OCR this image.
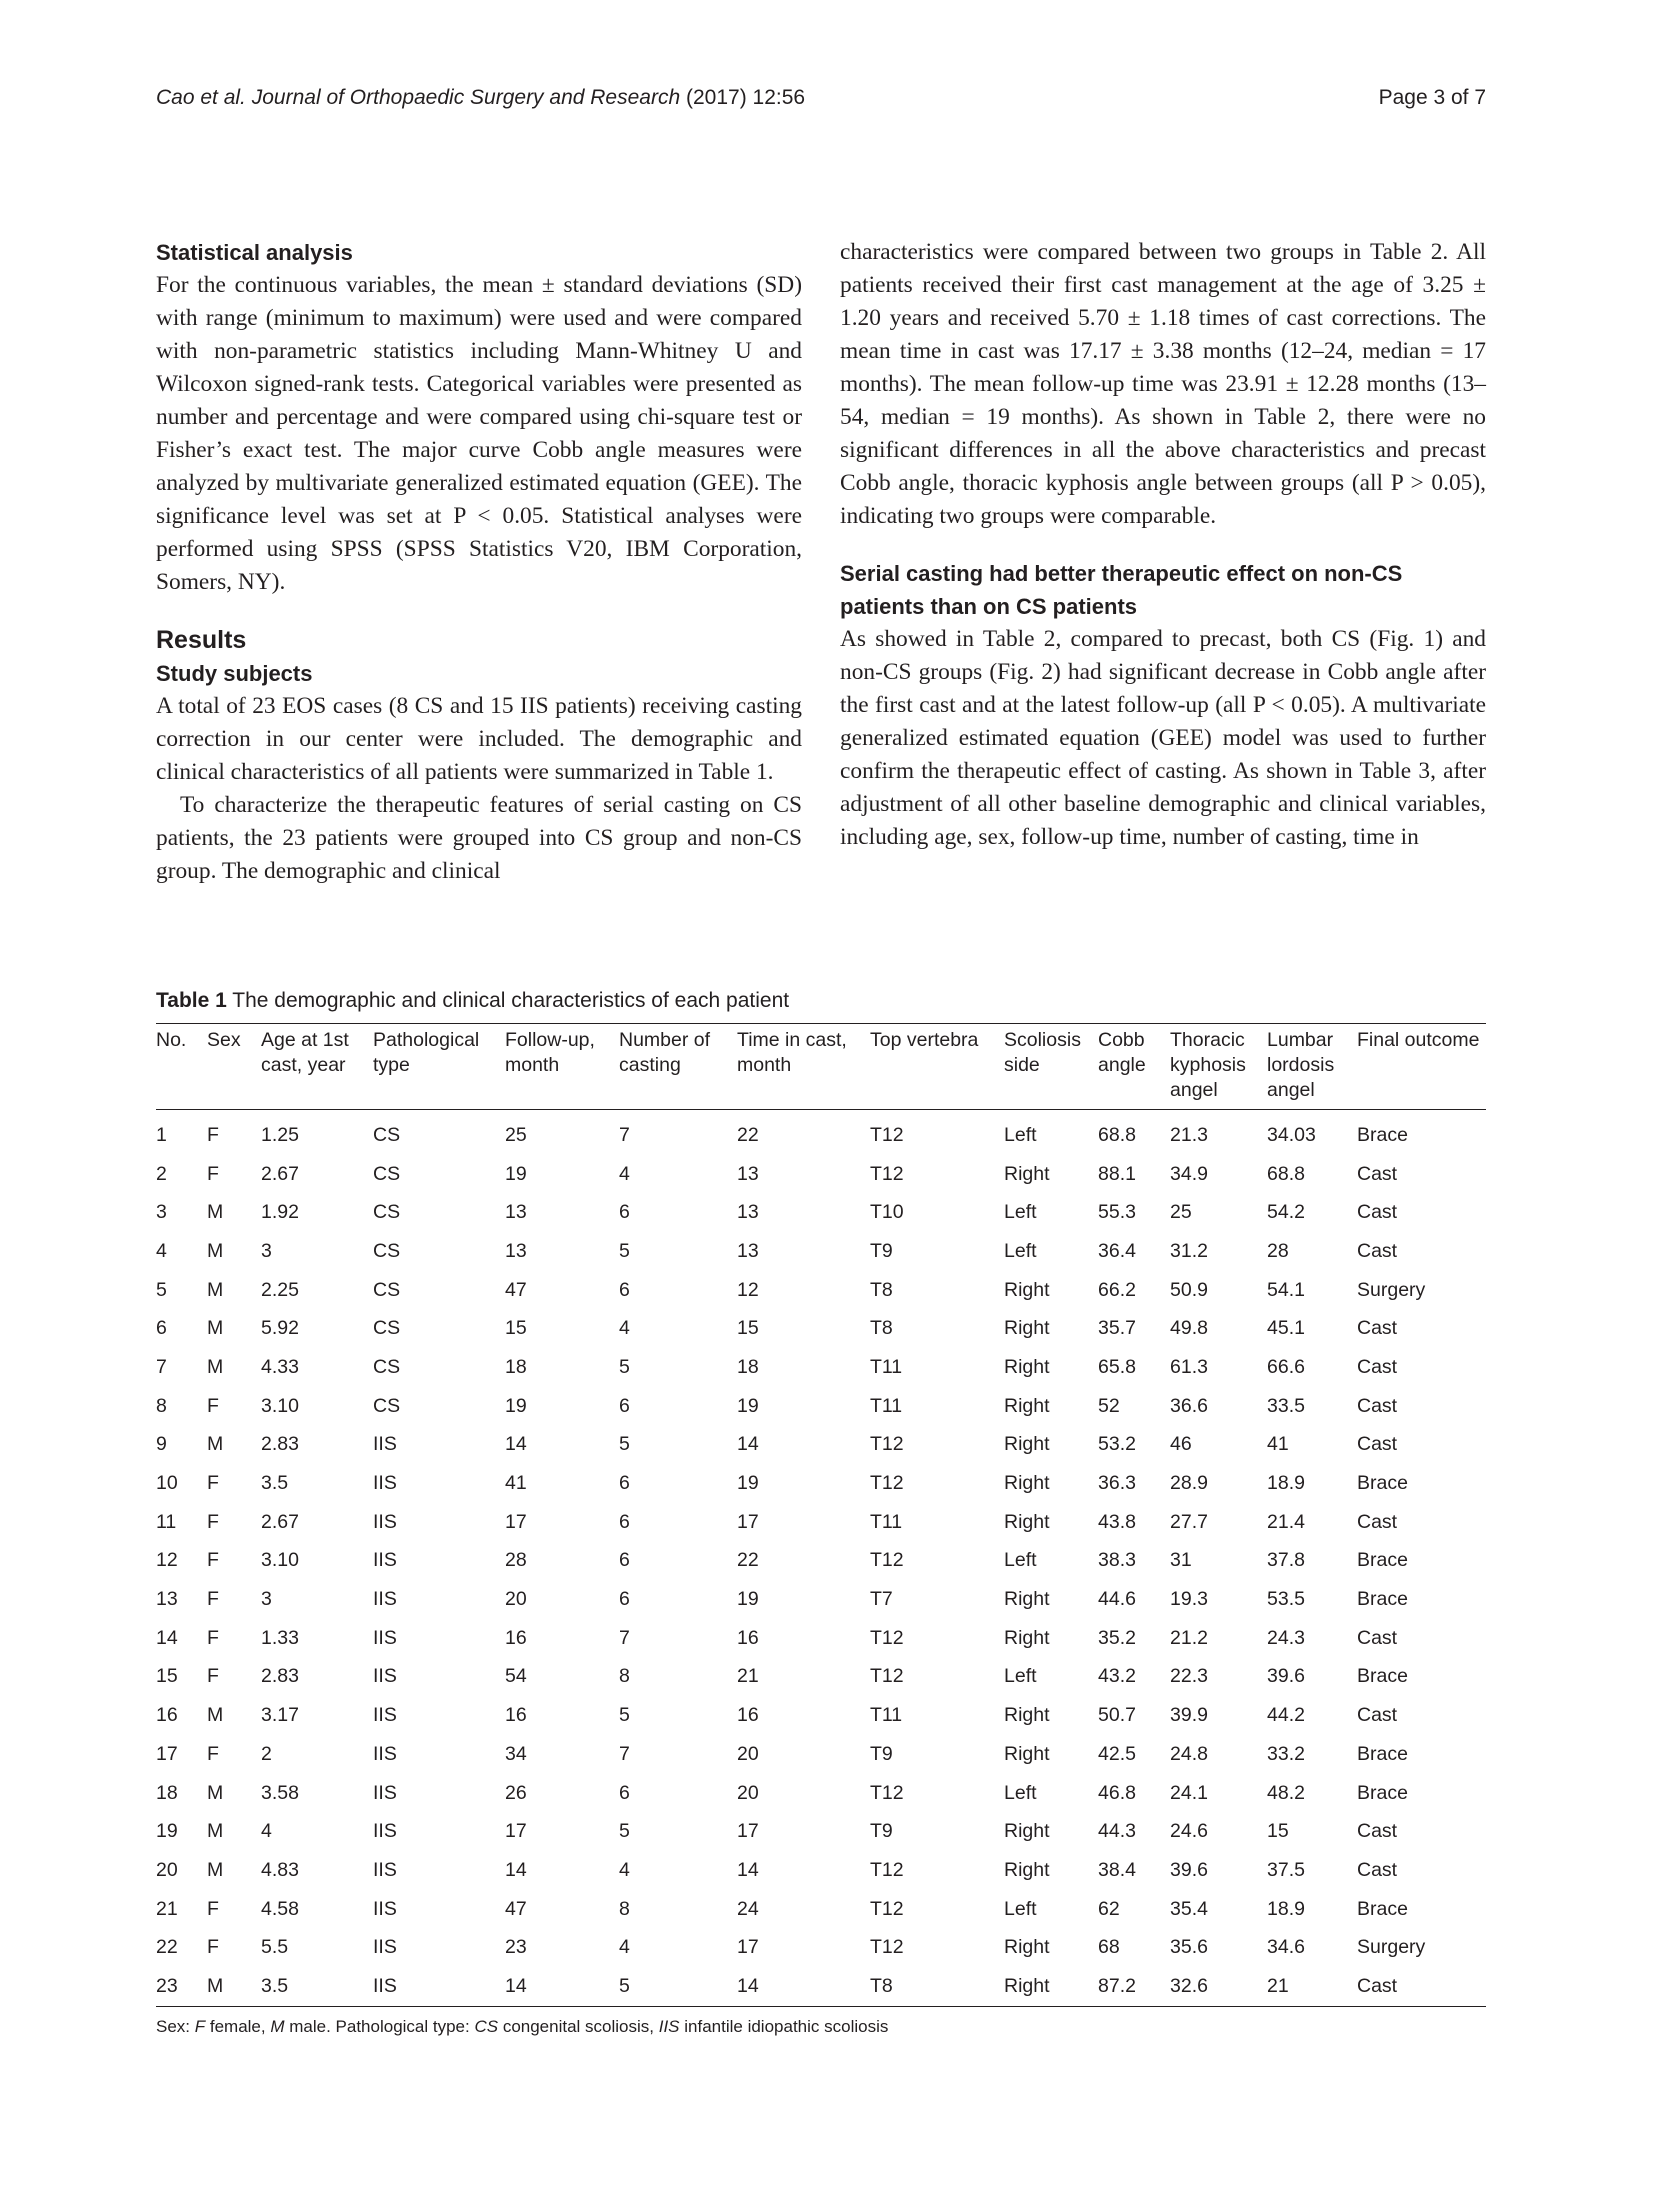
Cao et al. Journal of Orthopaedic Surgery and Research (2017) 12:56	Page 3 of 7
Statistical analysis

For the continuous variables, the mean ± standard deviations (SD) with range (minimum to maximum) were used and were compared with non-parametric statistics including Mann-Whitney U and Wilcoxon signed-rank tests. Categorical variables were presented as number and percentage and were compared using chi-square test or Fisher’s exact test. The major curve Cobb angle measures were analyzed by multivariate generalized estimated equation (GEE). The significance level was set at P < 0.05. Statistical analyses were performed using SPSS (SPSS Statistics V20, IBM Corporation, Somers, NY).

Results
Study subjects

A total of 23 EOS cases (8 CS and 15 IIS patients) receiving casting correction in our center were included. The demographic and clinical characteristics of all patients were summarized in Table 1.

To characterize the therapeutic features of serial casting on CS patients, the 23 patients were grouped into CS group and non-CS group. The demographic and clinical

characteristics were compared between two groups in Table 2. All patients received their first cast management at the age of 3.25 ± 1.20 years and received 5.70 ± 1.18 times of cast corrections. The mean time in cast was 17.17 ± 3.38 months (12–24, median = 17 months). The mean follow-up time was 23.91 ± 12.28 months (13–54, median = 19 months). As shown in Table 2, there were no significant differences in all the above characteristics and precast Cobb angle, thoracic kyphosis angle between groups (all P > 0.05), indicating two groups were comparable.

Serial casting had better therapeutic effect on non-CS patients than on CS patients

As showed in Table 2, compared to precast, both CS (Fig. 1) and non-CS groups (Fig. 2) had significant decrease in Cobb angle after the first cast and at the latest follow-up (all P < 0.05). A multivariate generalized estimated equation (GEE) model was used to further confirm the therapeutic effect of casting. As shown in Table 3, after adjustment of all other baseline demographic and clinical variables, including age, sex, follow-up time, number of casting, time in

Table 1 The demographic and clinical characteristics of each patient

No.	Sex	Age at 1st cast, year	Pathological type	Follow-up, month	Number of casting	Time in cast, month	Top vertebra	Scoliosis side	Cobb angle	Thoracic kyphosis angel	Lumbar lordosis angel	Final outcome
1	F	1.25	CS	25	7	22	T12	Left	68.8	21.3	34.03	Brace
2	F	2.67	CS	19	4	13	T12	Right	88.1	34.9	68.8	Cast
3	M	1.92	CS	13	6	13	T10	Left	55.3	25	54.2	Cast
4	M	3	CS	13	5	13	T9	Left	36.4	31.2	28	Cast
5	M	2.25	CS	47	6	12	T8	Right	66.2	50.9	54.1	Surgery
6	M	5.92	CS	15	4	15	T8	Right	35.7	49.8	45.1	Cast
7	M	4.33	CS	18	5	18	T11	Right	65.8	61.3	66.6	Cast
8	F	3.10	CS	19	6	19	T11	Right	52	36.6	33.5	Cast
9	M	2.83	IIS	14	5	14	T12	Right	53.2	46	41	Cast
10	F	3.5	IIS	41	6	19	T12	Right	36.3	28.9	18.9	Brace
11	F	2.67	IIS	17	6	17	T11	Right	43.8	27.7	21.4	Cast
12	F	3.10	IIS	28	6	22	T12	Left	38.3	31	37.8	Brace
13	F	3	IIS	20	6	19	T7	Right	44.6	19.3	53.5	Brace
14	F	1.33	IIS	16	7	16	T12	Right	35.2	21.2	24.3	Cast
15	F	2.83	IIS	54	8	21	T12	Left	43.2	22.3	39.6	Brace
16	M	3.17	IIS	16	5	16	T11	Right	50.7	39.9	44.2	Cast
17	F	2	IIS	34	7	20	T9	Right	42.5	24.8	33.2	Brace
18	M	3.58	IIS	26	6	20	T12	Left	46.8	24.1	48.2	Brace
19	M	4	IIS	17	5	17	T9	Right	44.3	24.6	15	Cast
20	M	4.83	IIS	14	4	14	T12	Right	38.4	39.6	37.5	Cast
21	F	4.58	IIS	47	8	24	T12	Left	62	35.4	18.9	Brace
22	F	5.5	IIS	23	4	17	T12	Right	68	35.6	34.6	Surgery
23	M	3.5	IIS	14	5	14	T8	Right	87.2	32.6	21	Cast
Sex: F female, M male. Pathological type: CS congenital scoliosis, IIS infantile idiopathic scoliosis
